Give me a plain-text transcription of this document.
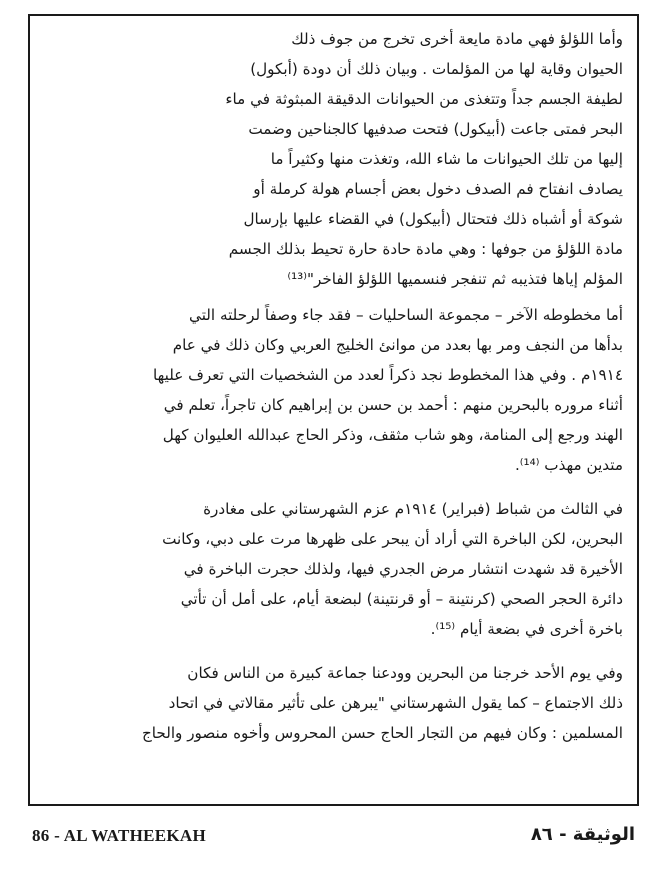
وأما اللؤلؤ فهي مادة مايعة أخرى تخرج من جوف ذلك
الحيوان وقاية لها من المؤلمات . وبيان ذلك أن دودة (أبكول)
لطيفة الجسم جداً وتتغذى من الحيوانات الدقيقة المبثوثة في ماء
البحر فمتى جاعت (أبيكول) فتحت صدفيها كالجناحين وضمت
إليها من تلك الحيوانات ما شاء الله، وتغذت منها وكثيراً ما
يصادف انفتاح فم الصدف دخول بعض أجسام هولة كرملة أو
شوكة أو أشباه ذلك فتحتال (أبيكول) في القضاء عليها بإرسال
مادة اللؤلؤ من جوفها : وهي مادة حادة حارة تحيط بذلك الجسم
المؤلم إياها فتذيبه ثم تنفجر فنسميها اللؤلؤ الفاخر"⁽¹³⁾

أما مخطوطه الآخر – مجموعة الساحليات – فقد جاء وصفاً لرحلته التي
بدأها من النجف ومر بها بعدد من موانئ الخليج العربي وكان ذلك في عام
١٩١٤م . وفي هذا المخطوط نجد ذكراً لعدد من الشخصيات التي تعرف عليها
أثناء مروره بالبحرين منهم : أحمد بن حسن بن إبراهيم كان تاجراً، تعلم في
الهند ورجع إلى المنامة، وهو شاب مثقف، وذكر الحاج عبدالله العليوان كهل
متدين مهذب ⁽¹⁴⁾.

في الثالث من شباط (فبراير) ١٩١٤م عزم الشهرستاني على مغادرة
البحرين، لكن الباخرة التي أراد أن يبحر على ظهرها مرت على دبي، وكانت
الأخيرة قد شهدت انتشار مرض الجدري فيها، ولذلك حجرت الباخرة في
دائرة الحجر الصحي (كرنتينة – أو قرنتينة) لبضعة أيام، على أمل أن تأتي
باخرة أخرى في بضعة أيام ⁽¹⁵⁾.

وفي يوم الأحد خرجنا من البحرين وودعنا جماعة كبيرة من الناس فكان
ذلك الاجتماع – كما يقول الشهرستاني "يبرهن على تأثير مقالاتي في اتحاد
المسلمين : وكان فيهم من التجار الحاج حسن المحروس وأخوه منصور والحاج

86 - AL WATHEEKAH	الوثيقة - ٨٦
